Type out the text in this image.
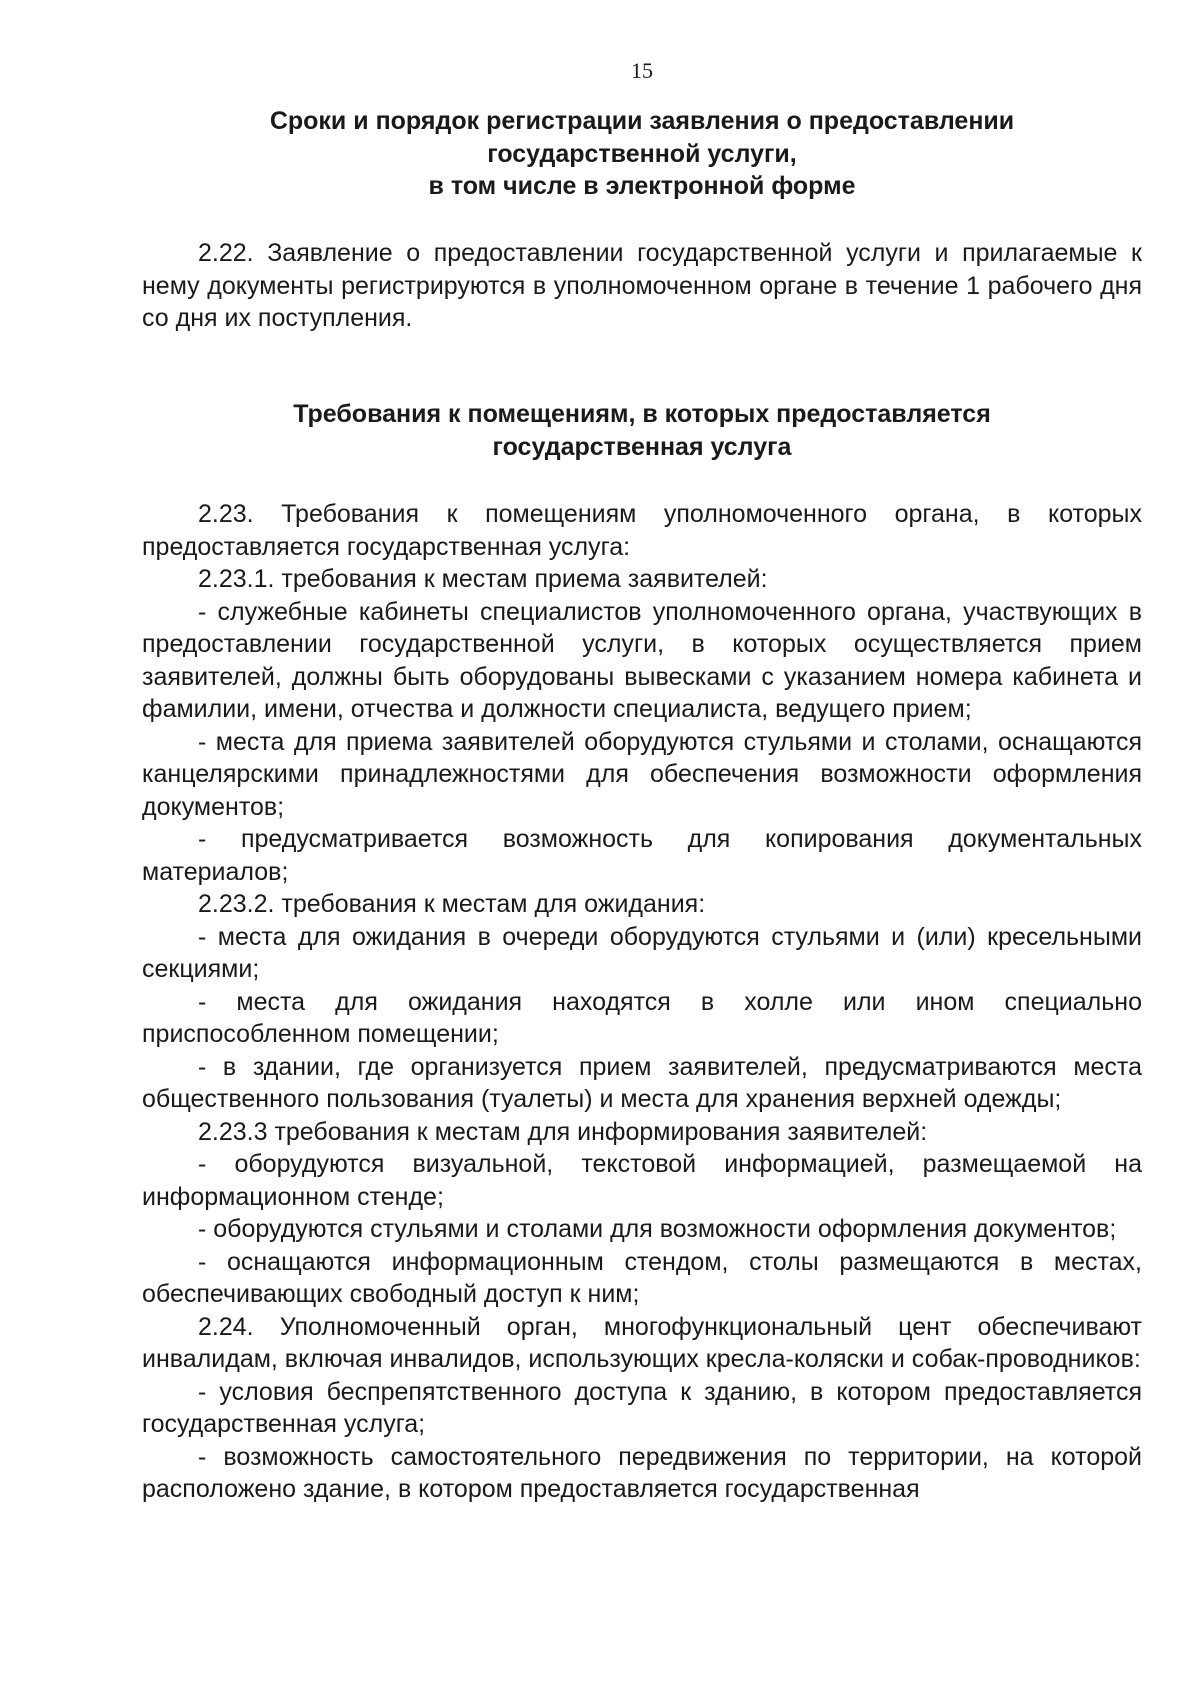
15

Сроки и порядок регистрации заявления о предоставлении
государственной услуги,
в том числе в электронной форме

2.22. Заявление о предоставлении государственной услуги и прилагаемые к нему документы регистрируются в уполномоченном органе в течение 1 рабочего дня со дня их поступления.

Требования к помещениям, в которых предоставляется
государственная услуга

2.23. Требования к помещениям уполномоченного органа, в которых предоставляется государственная услуга:

2.23.1. требования к местам приема заявителей:

- служебные кабинеты специалистов уполномоченного органа, участвующих в предоставлении государственной услуги, в которых осуществляется прием заявителей, должны быть оборудованы вывесками с указанием номера кабинета и фамилии, имени, отчества и должности специалиста, ведущего прием;

- места для приема заявителей оборудуются стульями и столами, оснащаются канцелярскими принадлежностями для обеспечения возможности оформления документов;

- предусматривается возможность для копирования документальных материалов;

2.23.2. требования к местам для ожидания:

- места для ожидания в очереди оборудуются стульями и (или) кресельными секциями;

- места для ожидания находятся в холле или ином специально приспособленном помещении;

- в здании, где организуется прием заявителей, предусматриваются места общественного пользования (туалеты) и места для хранения верхней одежды;

2.23.3 требования к местам для информирования заявителей:

- оборудуются визуальной, текстовой информацией, размещаемой на информационном стенде;

- оборудуются стульями и столами для возможности оформления документов;

- оснащаются информационным стендом, столы размещаются в местах, обеспечивающих свободный доступ к ним;

2.24. Уполномоченный орган, многофункциональный цент обеспечивают инвалидам, включая инвалидов, использующих кресла-коляски и собак-проводников:

- условия беспрепятственного доступа к зданию, в котором предоставляется государственная услуга;

- возможность самостоятельного передвижения по территории, на которой расположено здание, в котором предоставляется государственная
